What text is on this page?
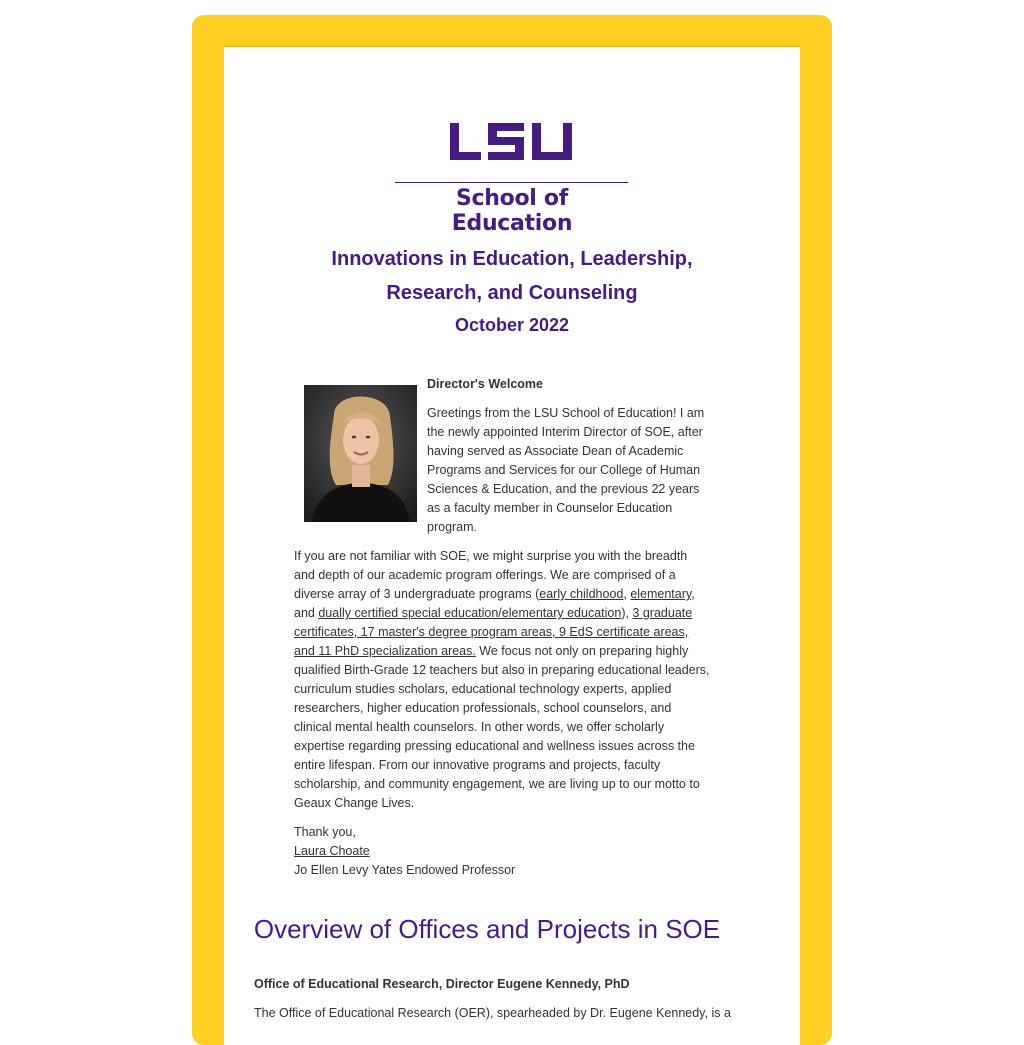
School of Education
Innovations in Education, Leadership,
Research, and Counseling
October 2022
Director's Welcome
Greetings from the LSU School of Education! I am
the newly appointed Interim Director of SOE, after
having served as Associate Dean of Academic
Programs and Services for our College of Human
Sciences & Education, and the previous 22 years
as a faculty member in Counselor Education
program.
If you are not familiar with SOE, we might surprise you with the breadth
and depth of our academic program offerings. We are comprised of a
diverse array of 3 undergraduate programs (early childhood, elementary,
and dually certified special education/elementary education), 3 graduate
certificates, 17 master's degree program areas, 9 EdS certificate areas,
and 11 PhD specialization areas. We focus not only on preparing highly
qualified Birth-Grade 12 teachers but also in preparing educational leaders,
curriculum studies scholars, educational technology experts, applied
researchers, higher education professionals, school counselors, and
clinical mental health counselors. In other words, we offer scholarly
expertise regarding pressing educational and wellness issues across the
entire lifespan. From our innovative programs and projects, faculty
scholarship, and community engagement, we are living up to our motto to
Geaux Change Lives.
Thank you,
Laura Choate
Jo Ellen Levy Yates Endowed Professor
Overview of Offices and Projects in SOE
Office of Educational Research, Director Eugene Kennedy, PhD
The Office of Educational Research (OER), spearheaded by Dr. Eugene Kennedy, is a
